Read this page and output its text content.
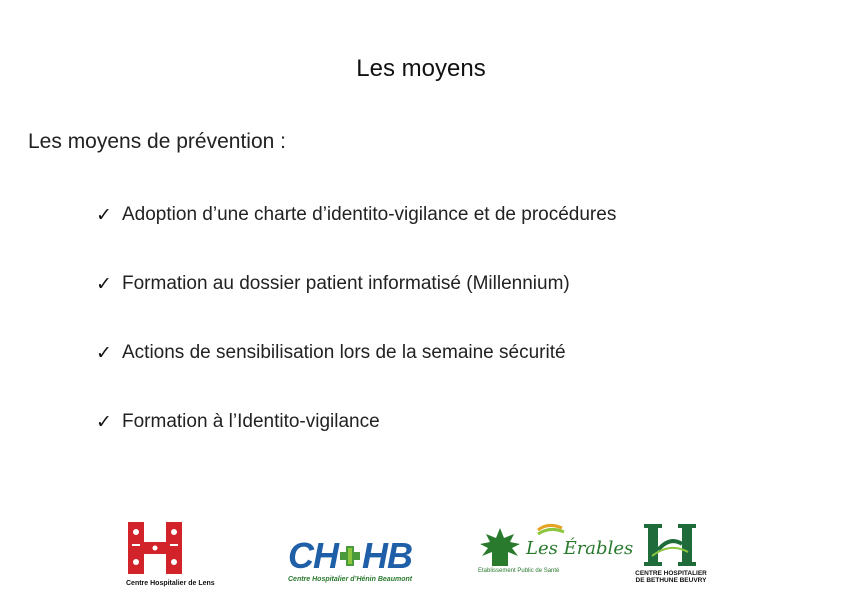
Les moyens
Les moyens de prévention :
✓ Adoption d’une charte d’identito-vigilance et de procédures
✓ Formation au dossier patient informatisé (Millennium)
✓ Actions de sensibilisation lors de la semaine sécurité
✓ Formation à l’Identito-vigilance
Centre Hospitalier de Lens
CH HB
Centre Hospitalier d’Hénin Beaumont
Les Érables
Etablissement Public de Santé	CENTRE HOSPITALIER
DE BETHUNE BEUVRY
